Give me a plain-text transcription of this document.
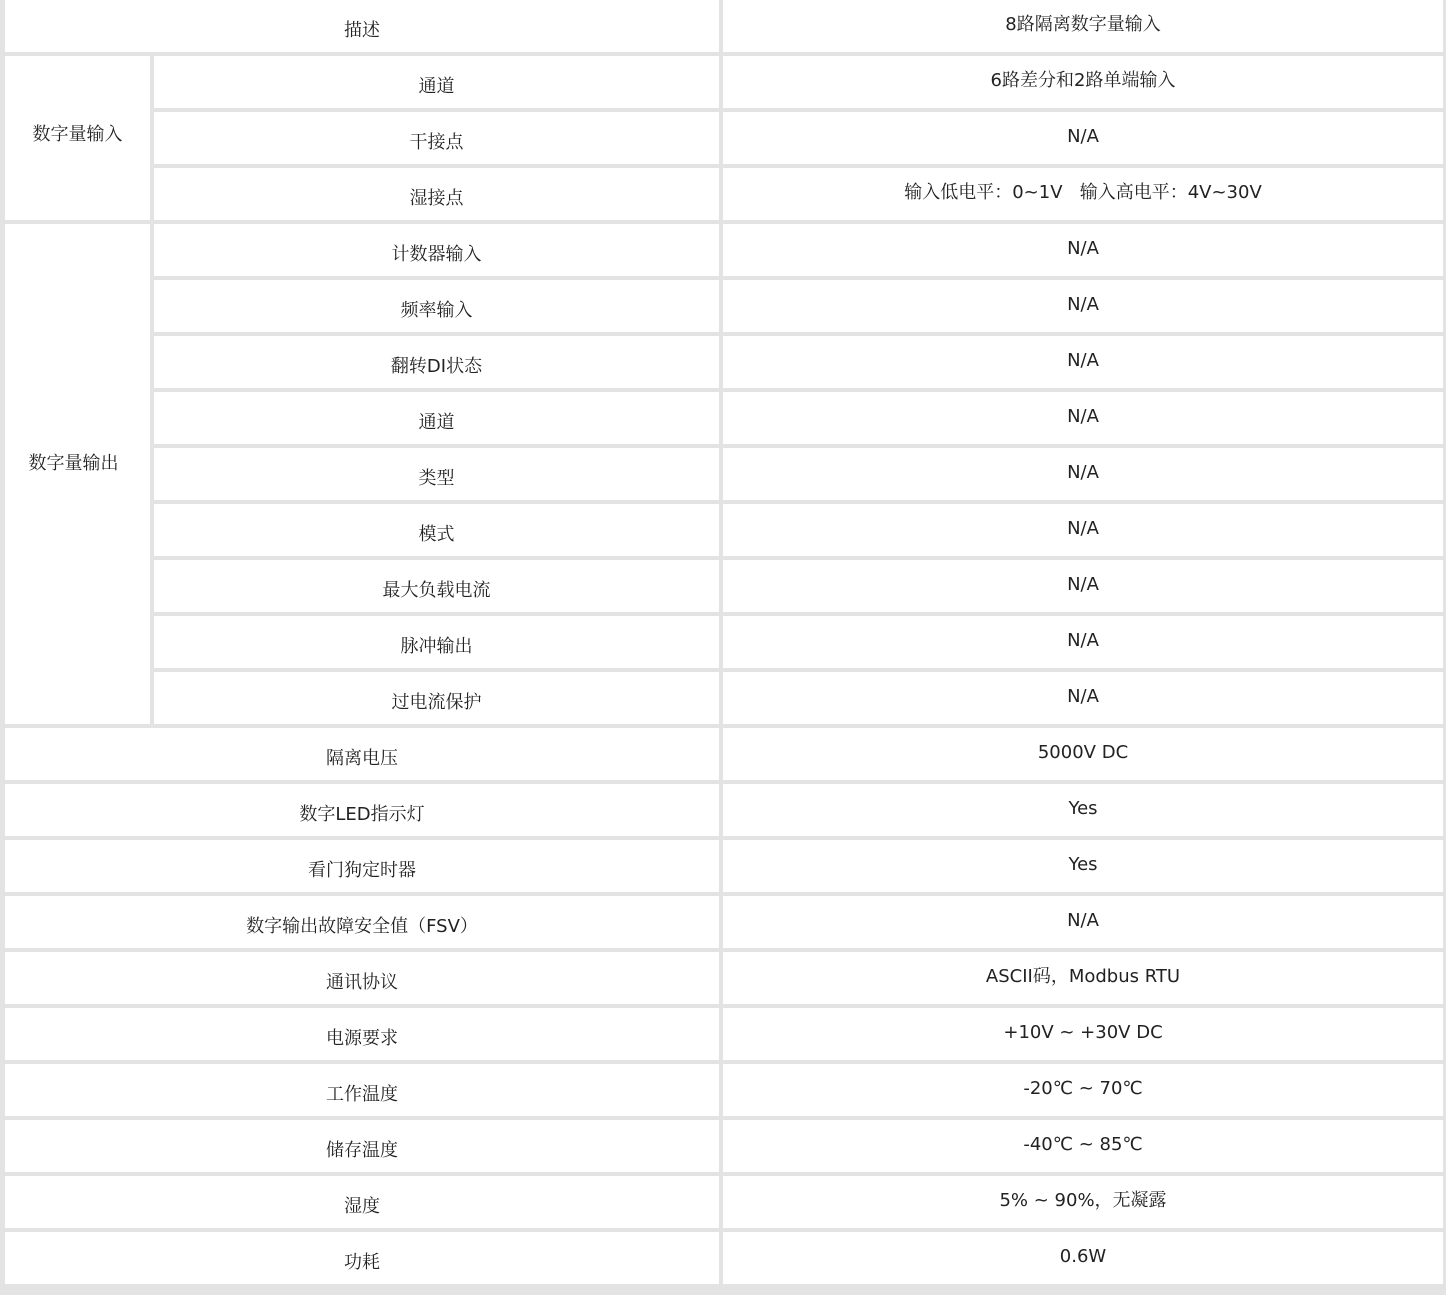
描述		8路隔离数字量输入
数字量输入	通道	6路差分和2路单端输入
	干接点	N/A
	湿接点	输入低电平：0~1V   输入高电平：4V~30V
数字量输出	计数器输入	N/A
	频率输入	N/A
	翻转DI状态	N/A
	通道	N/A
	类型	N/A
	模式	N/A
	最大负载电流	N/A
	脉冲输出	N/A
	过电流保护	N/A
隔离电压		5000V DC
数字LED指示灯		Yes
看门狗定时器		Yes
数字输出故障安全值（FSV）		N/A
通讯协议		ASCII码，Modbus RTU
电源要求		+10V ~ +30V DC
工作温度		-20℃ ~ 70℃
储存温度		-40℃ ~ 85℃
湿度		5% ~ 90%，无凝露
功耗		0.6W
